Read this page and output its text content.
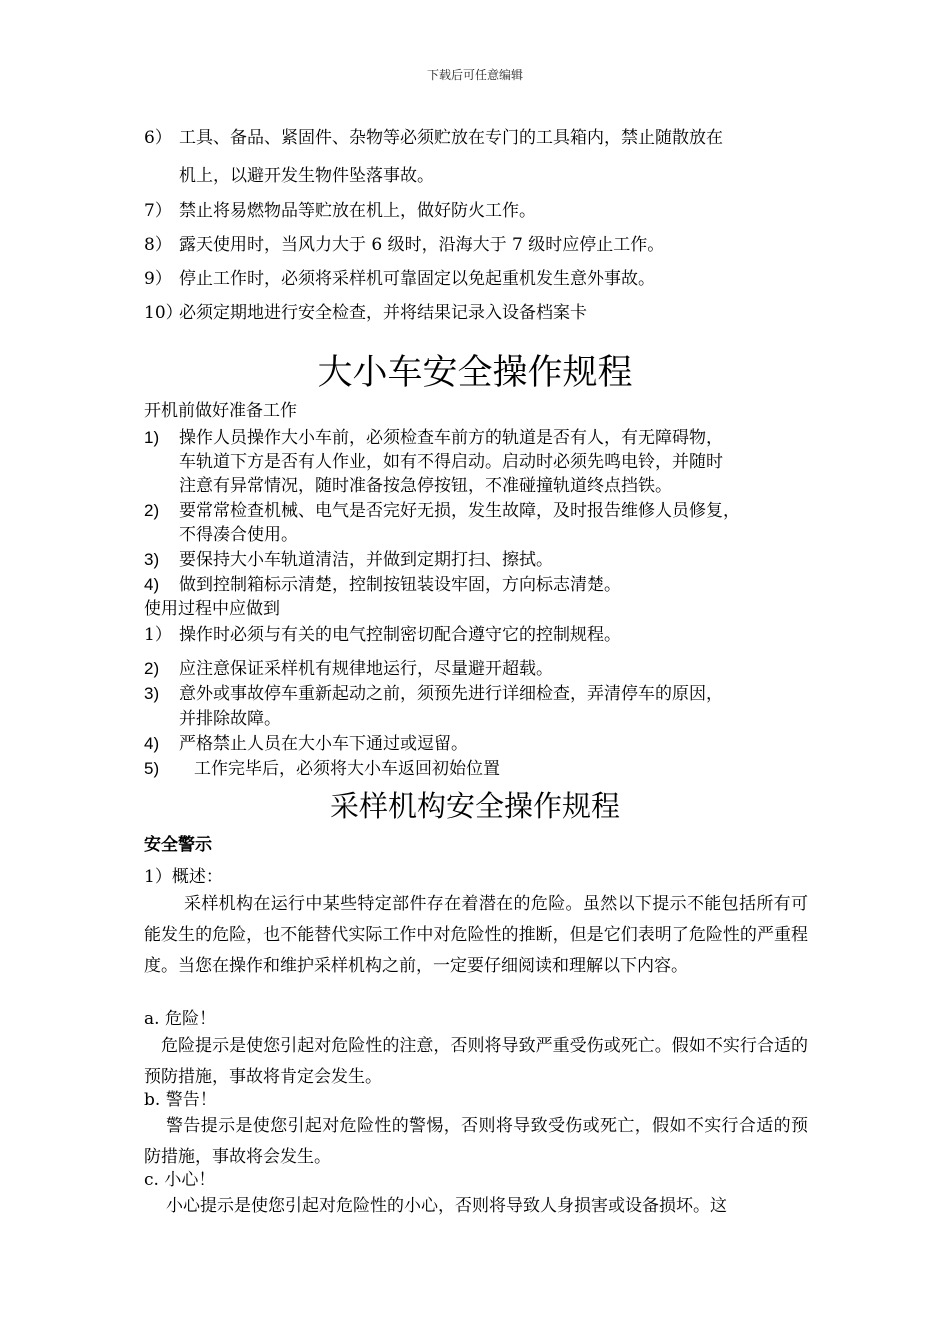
下载后可任意编辑
6） 工具、备品、紧固件、杂物等必须贮放在专门的工具箱内，禁止随散放在
机上，以避开发生物件坠落事故。
7） 禁止将易燃物品等贮放在机上，做好防火工作。
8） 露天使用时，当风力大于 6 级时，沿海大于 7 级时应停止工作。
9） 停止工作时，必须将采样机可靠固定以免起重机发生意外事故。
10）
必须定期地进行安全检查，并将结果记录入设备档案卡
大小车安全操作规程
开机前做好准备工作
1) 操作人员操作大小车前，必须检查车前方的轨道是否有人，有无障碍物，
车轨道下方是否有人作业，如有不得启动。启动时必须先鸣电铃，并随时
注意有异常情况，随时准备按急停按钮，不准碰撞轨道终点挡铁。
2) 要常常检查机械、电气是否完好无损，发生故障，及时报告维修人员修复，
不得凑合使用。
3) 要保持大小车轨道清洁，并做到定期打扫、擦拭。
4) 做到控制箱标示清楚，控制按钮装设牢固，方向标志清楚。
使用过程中应做到
1） 操作时必须与有关的电气控制密切配合遵守它的控制规程。
2) 应注意保证采样机有规律地运行，尽量避开超载。
3) 意外或事故停车重新起动之前，须预先进行详细检查，弄清停车的原因，
并排除故障。
4) 严格禁止人员在大小车下通过或逗留。
5) 工作完毕后，必须将大小车返回初始位置
采样机构安全操作规程
安全警示
1）概述：
采样机构在运行中某些特定部件存在着潜在的危险。虽然以下提示不能包括所有可能发生的危险，也不能替代实际工作中对危险性的推断，但是它们表明了危险性的严重程度。当您在操作和维护采样机构之前，一定要仔细阅读和理解以下内容。
a. 危险！
危险提示是使您引起对危险性的注意，否则将导致严重受伤或死亡。假如不实行合适的预防措施，事故将肯定会发生。
b. 警告！
警告提示是使您引起对危险性的警惕，否则将导致受伤或死亡，假如不实行合适的预防措施，事故将会发生。
c. 小心！
小心提示是使您引起对危险性的小心，否则将导致人身损害或设备损坏。这
